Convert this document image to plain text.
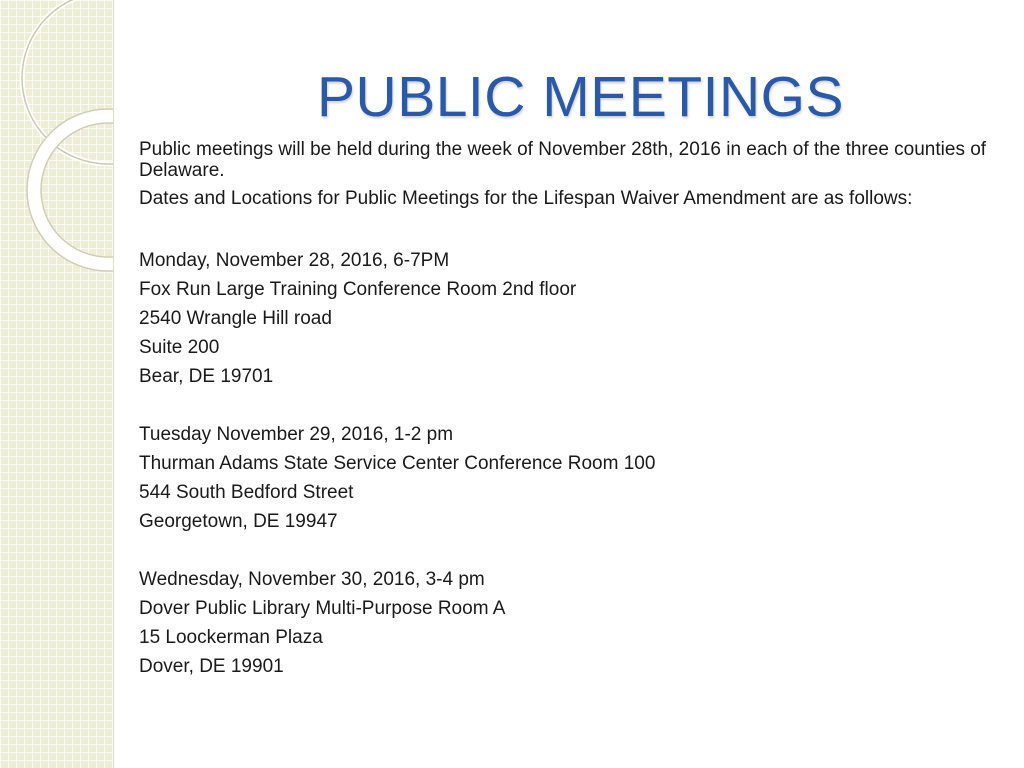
PUBLIC MEETINGS

Public meetings will be held during the week of November 28th, 2016 in each of the three counties of Delaware.

Dates and Locations for Public Meetings for the Lifespan Waiver Amendment are as follows:

Monday, November 28, 2016, 6-7PM
Fox Run Large Training Conference Room 2nd floor
2540 Wrangle Hill road
Suite 200
Bear, DE 19701
Tuesday November 29, 2016, 1-2 pm
Thurman Adams State Service Center Conference Room 100
544 South Bedford Street
Georgetown, DE 19947
Wednesday, November 30, 2016, 3-4 pm
Dover Public Library Multi-Purpose Room A
15 Loockerman Plaza
Dover, DE 19901
